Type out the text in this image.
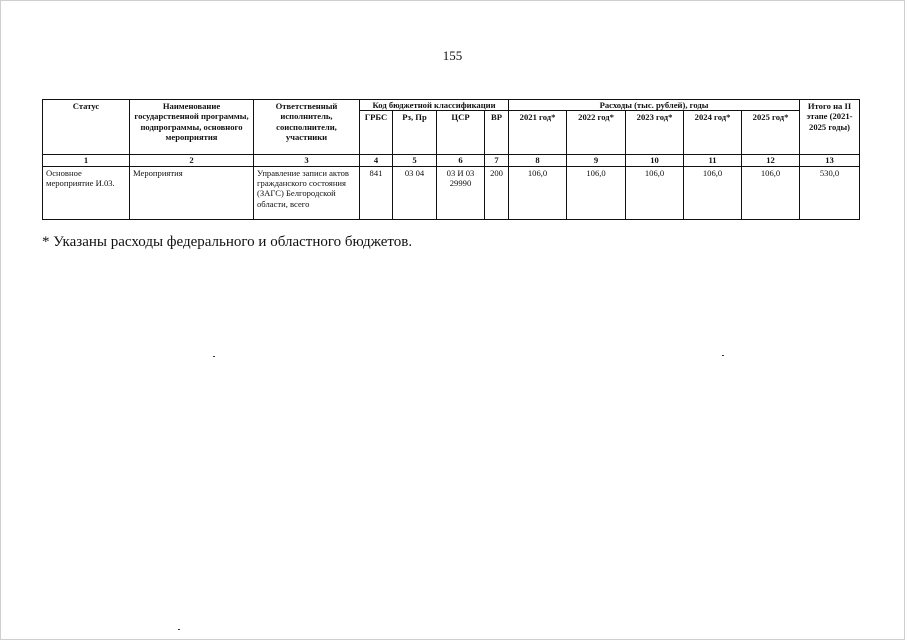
155
Статус	Наименование государственной программы, подпрограммы, основного мероприятия	Ответственный исполнитель, соисполнители, участники	Код бюджетной классификации				Расходы (тыс. рублей), годы					Итого на II этапе (2021-2025 годы)
			ГРБС	Рз, Пр	ЦСР	ВР	2021 год*	2022 год*	2023 год*	2024 год*	2025 год*	
1	2	3	4	5	6	7	8	9	10	11	12	13
Основное мероприятие И.03.	Мероприятия	Управление записи актов гражданского состояния (ЗАГС) Белгородской области, всего	841	03 04	03 И 03 29990	200	106,0	106,0	106,0	106,0	106,0	530,0
* Указаны расходы федерального и областного бюджетов.
